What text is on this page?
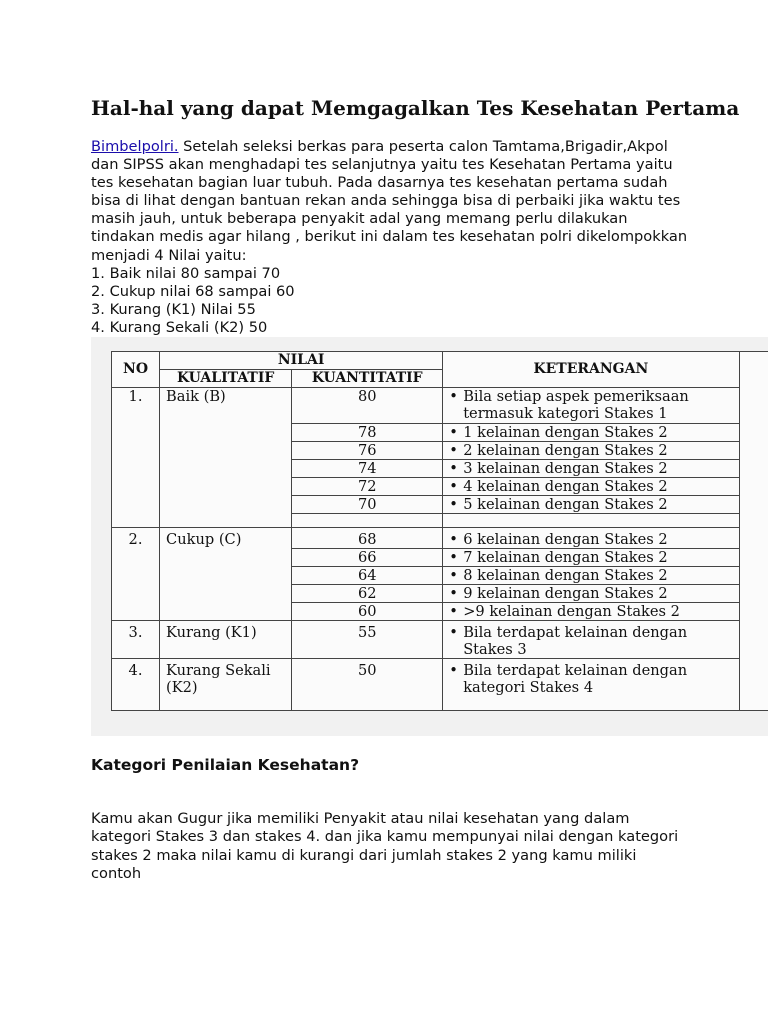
Hal-hal yang dapat Memgagalkan Tes Kesehatan Pertama
Bimbelpolri. Setelah seleksi berkas para peserta calon Tamtama,Brigadir,Akpol dan SIPSS akan menghadapi tes selanjutnya yaitu tes Kesehatan Pertama yaitu tes kesehatan bagian luar tubuh. Pada dasarnya tes kesehatan pertama sudah bisa di lihat dengan bantuan rekan anda sehingga bisa di perbaiki jika waktu tes masih jauh, untuk beberapa penyakit adal yang memang perlu dilakukan tindakan medis agar hilang , berikut ini dalam tes kesehatan polri dikelompokkan menjadi 4 Nilai yaitu:
1. Baik nilai 80 sampai 70
2. Cukup nilai 68 sampai 60
3. Kurang (K1) Nilai 55
4. Kurang Sekali (K2) 50
NO	NILAI		KETERANGAN	
	KUALITATIF	KUANTITATIF		
1.	Baik (B)	80	• Bila setiap aspek pemeriksaan
termasuk kategori Stakes 1	

		78	• 1 kelainan dengan Stakes 2	
		76	• 2 kelainan dengan Stakes 2	
		74	• 3 kelainan dengan Stakes 2	
		72	• 4 kelainan dengan Stakes 2	
		70	• 5 kelainan dengan Stakes 2	

2.	Cukup (C)	68	• 6 kelainan dengan Stakes 2	
		66	• 7 kelainan dengan Stakes 2	
		64	• 8 kelainan dengan Stakes 2	
		62	• 9 kelainan dengan Stakes 2	
		60	• >9 kelainan dengan Stakes 2	
3.	Kurang (K1)	55	• Bila terdapat kelainan dengan
Stakes 3	

4.	Kurang Sekali (K2)	50	• Bila terdapat kelainan dengan
kategori Stakes 4	
Kategori Penilaian Kesehatan?

Kamu akan Gugur jika memiliki Penyakit atau nilai kesehatan yang dalam kategori Stakes 3 dan stakes 4. dan jika kamu mempunyai nilai dengan kategori stakes 2 maka nilai kamu di kurangi dari jumlah stakes 2 yang kamu miliki contoh
